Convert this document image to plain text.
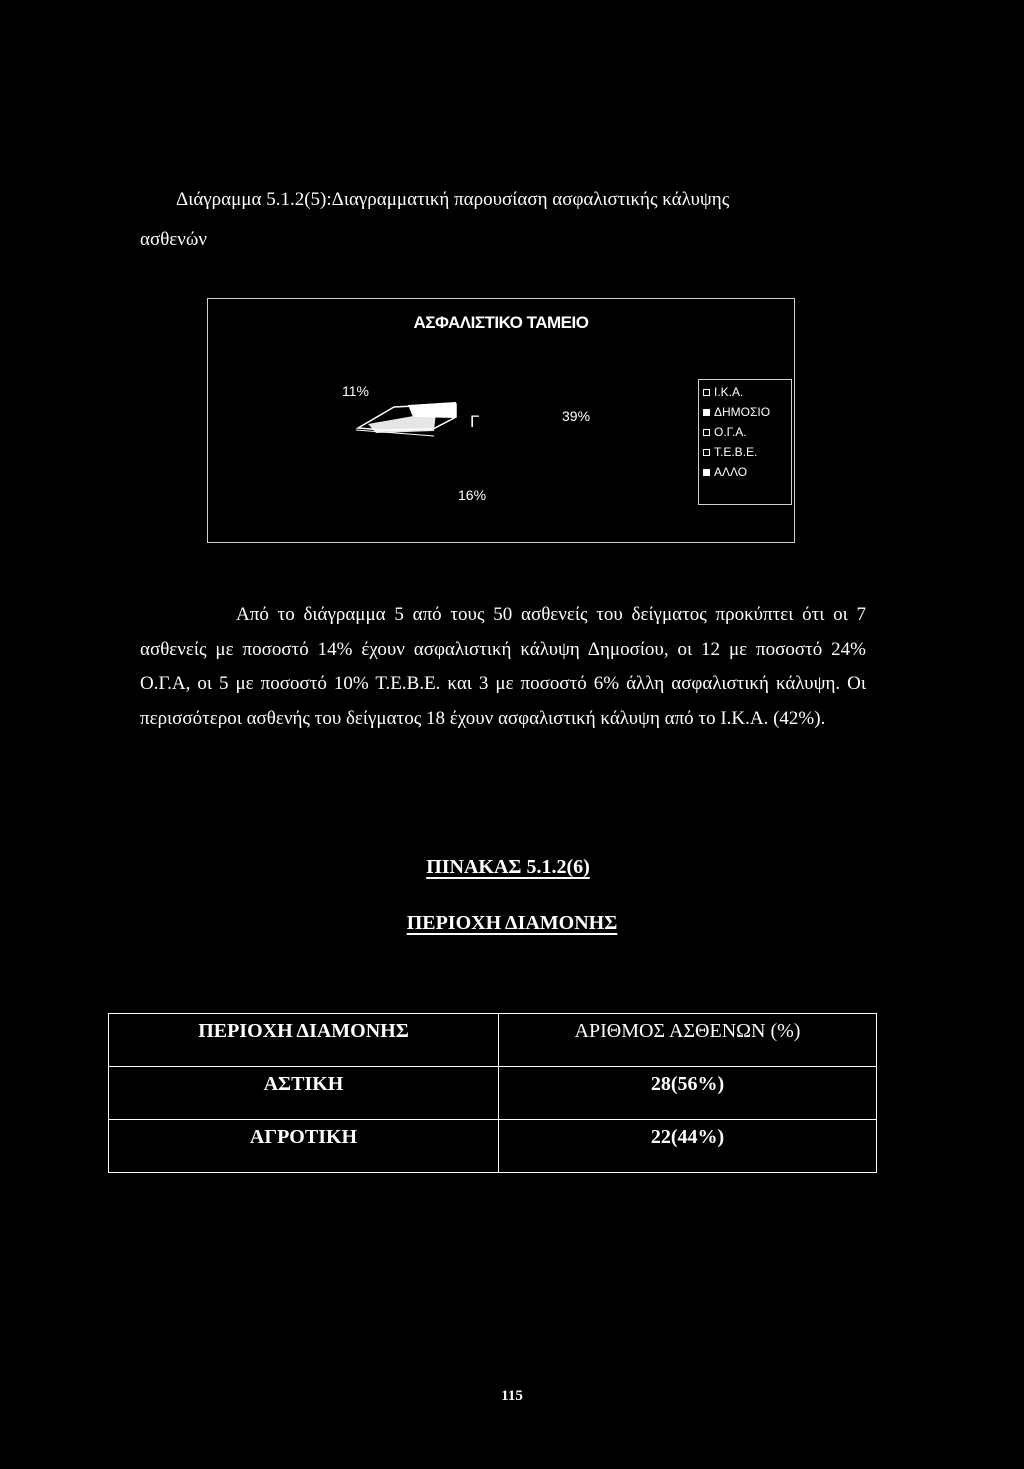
Διάγραμμα 5.1.2(5):Διαγραμματική παρουσίαση ασφαλιστικής κάλυψης
ασθενών

ΑΣΦΑΛΙΣΤΙΚΟ ΤΑΜΕΙΟ
Γ
11%
39%
16%
Ι.Κ.Α.
ΔΗΜΟΣΙΟ
Ο.Γ.Α.
Τ.Ε.Β.Ε.
ΑΛΛΟ

Από το διάγραμμα 5 από τους 50 ασθενείς του δείγματος προκύπτει ότι οι 7 ασθενείς με ποσοστό 14% έχουν ασφαλιστική κάλυψη Δημοσίου, οι 12 με ποσοστό 24% Ο.Γ.Α, οι 5 με ποσοστό 10% Τ.Ε.Β.Ε. και 3 με ποσοστό 6% άλλη ασφαλιστική κάλυψη. Οι περισσότεροι ασθενής του δείγματος 18 έχουν ασφαλιστική κάλυψη από το Ι.Κ.Α. (42%).

ΠΙΝΑΚΑΣ 5.1.2(6)
ΠΕΡΙΟΧΗ ΔΙΑΜΟΝΗΣ
ΠΕΡΙΟΧΗ ΔΙΑΜΟΝΗΣ	ΑΡΙΘΜΟΣ ΑΣΘΕΝΩΝ (%)
ΑΣΤΙΚΗ	28(56%)
ΑΓΡΟΤΙΚΗ	22(44%)
115
